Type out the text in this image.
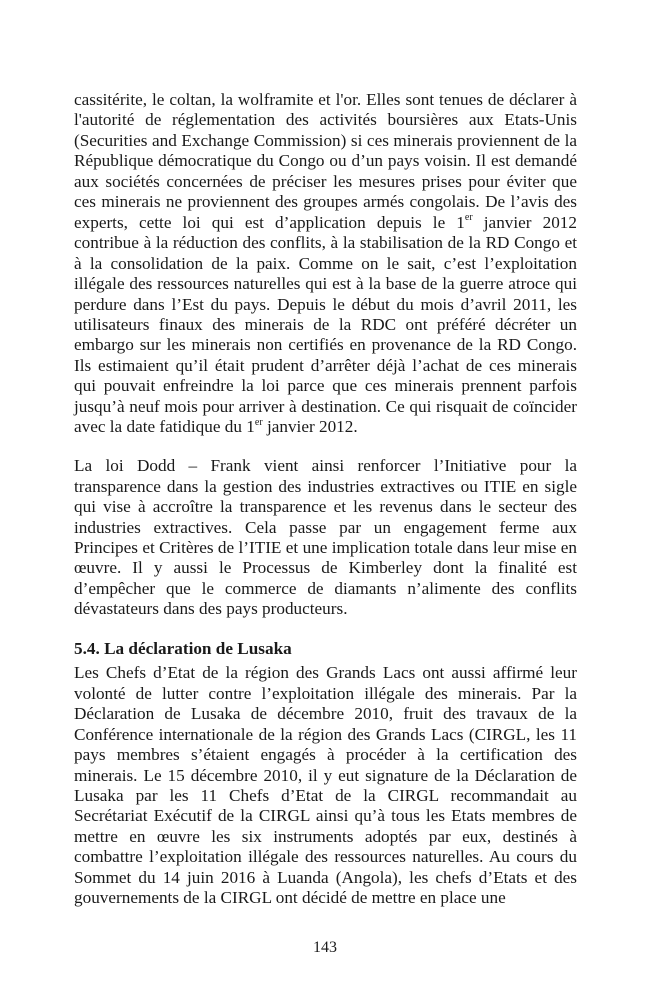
cassitérite, le coltan, la wolframite et l'or. Elles sont tenues de déclarer à l'autorité de réglementation des activités boursières aux Etats-Unis (Securities and Exchange Commission) si ces minerais proviennent de la République démocratique du Congo ou d’un pays voisin. Il est demandé aux sociétés concernées de préciser les mesures prises pour éviter que ces minerais ne proviennent des groupes armés congolais. De l’avis des experts, cette loi qui est d’application depuis le 1er janvier 2012 contribue à la réduction des conflits, à la stabilisation de la RD Congo et à la consolidation de la paix. Comme on le sait, c’est l’exploitation illégale des ressources naturelles qui est à la base de la guerre atroce qui perdure dans l’Est du pays. Depuis le début du mois d’avril 2011, les utilisateurs finaux des minerais de la RDC ont préféré décréter un embargo sur les minerais non certifiés en provenance de la RD Congo. Ils estimaient qu’il était prudent d’arrêter déjà l’achat de ces minerais qui pouvait enfreindre la loi parce que ces minerais prennent parfois jusqu’à neuf mois pour arriver à destination. Ce qui risquait de coïncider avec la date fatidique du 1er janvier 2012.

La loi Dodd – Frank vient ainsi renforcer l’Initiative pour la transparence dans la gestion des industries extractives ou ITIE en sigle qui vise à accroître la transparence et les revenus dans le secteur des industries extractives. Cela passe par un engagement ferme aux Principes et Critères de l’ITIE et une implication totale dans leur mise en œuvre. Il y aussi le Processus de Kimberley dont la finalité est d’empêcher que le commerce de diamants n’alimente des conflits dévastateurs dans des pays producteurs.

5.4. La déclaration de Lusaka

Les Chefs d’Etat de la région des Grands Lacs ont aussi affirmé leur volonté de lutter contre l’exploitation illégale des minerais. Par la Déclaration de Lusaka de décembre 2010, fruit des travaux de la Conférence internationale de la région des Grands Lacs (CIRGL, les 11 pays membres s’étaient engagés à procéder à la certification des minerais. Le 15 décembre 2010, il y eut signature de la Déclaration de Lusaka par les 11 Chefs d’Etat de la CIRGL recommandait au Secrétariat Exécutif de la CIRGL ainsi qu’à tous les Etats membres de mettre en œuvre les six instruments adoptés par eux, destinés à combattre l’exploitation illégale des ressources naturelles. Au cours du Sommet du 14 juin 2016 à Luanda (Angola), les chefs d’Etats et des gouvernements de la CIRGL ont décidé de mettre en place une

143
